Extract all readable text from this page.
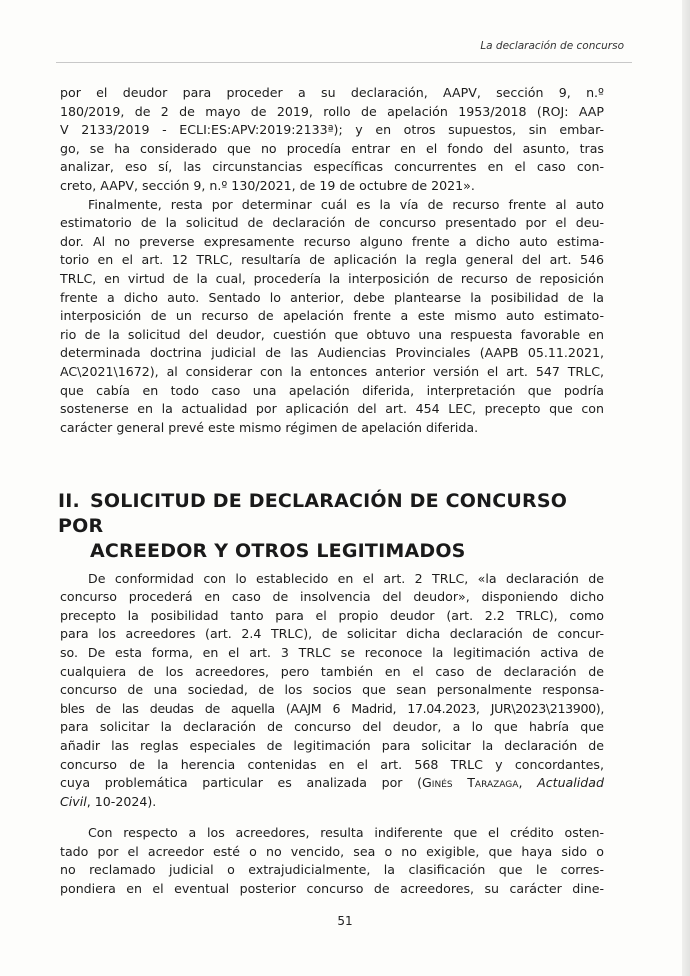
La declaración de concurso

por el deudor para proceder a su declaración, AAPV, sección 9, n.º
180/2019, de 2 de mayo de 2019, rollo de apelación 1953/2018 (ROJ: AAP
V 2133/2019 - ECLI:ES:APV:2019:2133ª); y en otros supuestos, sin embar-
go, se ha considerado que no procedía entrar en el fondo del asunto, tras
analizar, eso sí, las circunstancias específicas concurrentes en el caso con-
creto, AAPV, sección 9, n.º 130/2021, de 19 de octubre de 2021».

Finalmente, resta por determinar cuál es la vía de recurso frente al auto
estimatorio de la solicitud de declaración de concurso presentado por el deu-
dor. Al no preverse expresamente recurso alguno frente a dicho auto estima-
torio en el art. 12 TRLC, resultaría de aplicación la regla general del art. 546
TRLC, en virtud de la cual, procedería la interposición de recurso de reposición
frente a dicho auto. Sentado lo anterior, debe plantearse la posibilidad de la
interposición de un recurso de apelación frente a este mismo auto estimato-
rio de la solicitud del deudor, cuestión que obtuvo una respuesta favorable en
determinada doctrina judicial de las Audiencias Provinciales (AAPB 05.11.2021,
AC\2021\1672), al considerar con la entonces anterior versión el art. 547 TRLC,
que cabía en todo caso una apelación diferida, interpretación que podría
sostenerse en la actualidad por aplicación del art. 454 LEC, precepto que con
carácter general prevé este mismo régimen de apelación diferida.

II. SOLICITUD DE DECLARACIÓN DE CONCURSO POR
ACREEDOR Y OTROS LEGITIMADOS

De conformidad con lo establecido en el art. 2 TRLC, «la declaración de
concurso procederá en caso de insolvencia del deudor», disponiendo dicho
precepto la posibilidad tanto para el propio deudor (art. 2.2 TRLC), como
para los acreedores (art. 2.4 TRLC), de solicitar dicha declaración de concur-
so. De esta forma, en el art. 3 TRLC se reconoce la legitimación activa de
cualquiera de los acreedores, pero también en el caso de declaración de
concurso de una sociedad, de los socios que sean personalmente responsa-
bles de las deudas de aquella (AAJM 6 Madrid, 17.04.2023, JUR\2023\213900),
para solicitar la declaración de concurso del deudor, a lo que habría que
añadir las reglas especiales de legitimación para solicitar la declaración de
concurso de la herencia contenidas en el art. 568 TRLC y concordantes,
cuya problemática particular es analizada por (Ginés Tarazaga, Actualidad
Civil, 10-2024).

Con respecto a los acreedores, resulta indiferente que el crédito osten-
tado por el acreedor esté o no vencido, sea o no exigible, que haya sido o
no reclamado judicial o extrajudicialmente, la clasificación que le corres-
pondiera en el eventual posterior concurso de acreedores, su carácter dine-

51
